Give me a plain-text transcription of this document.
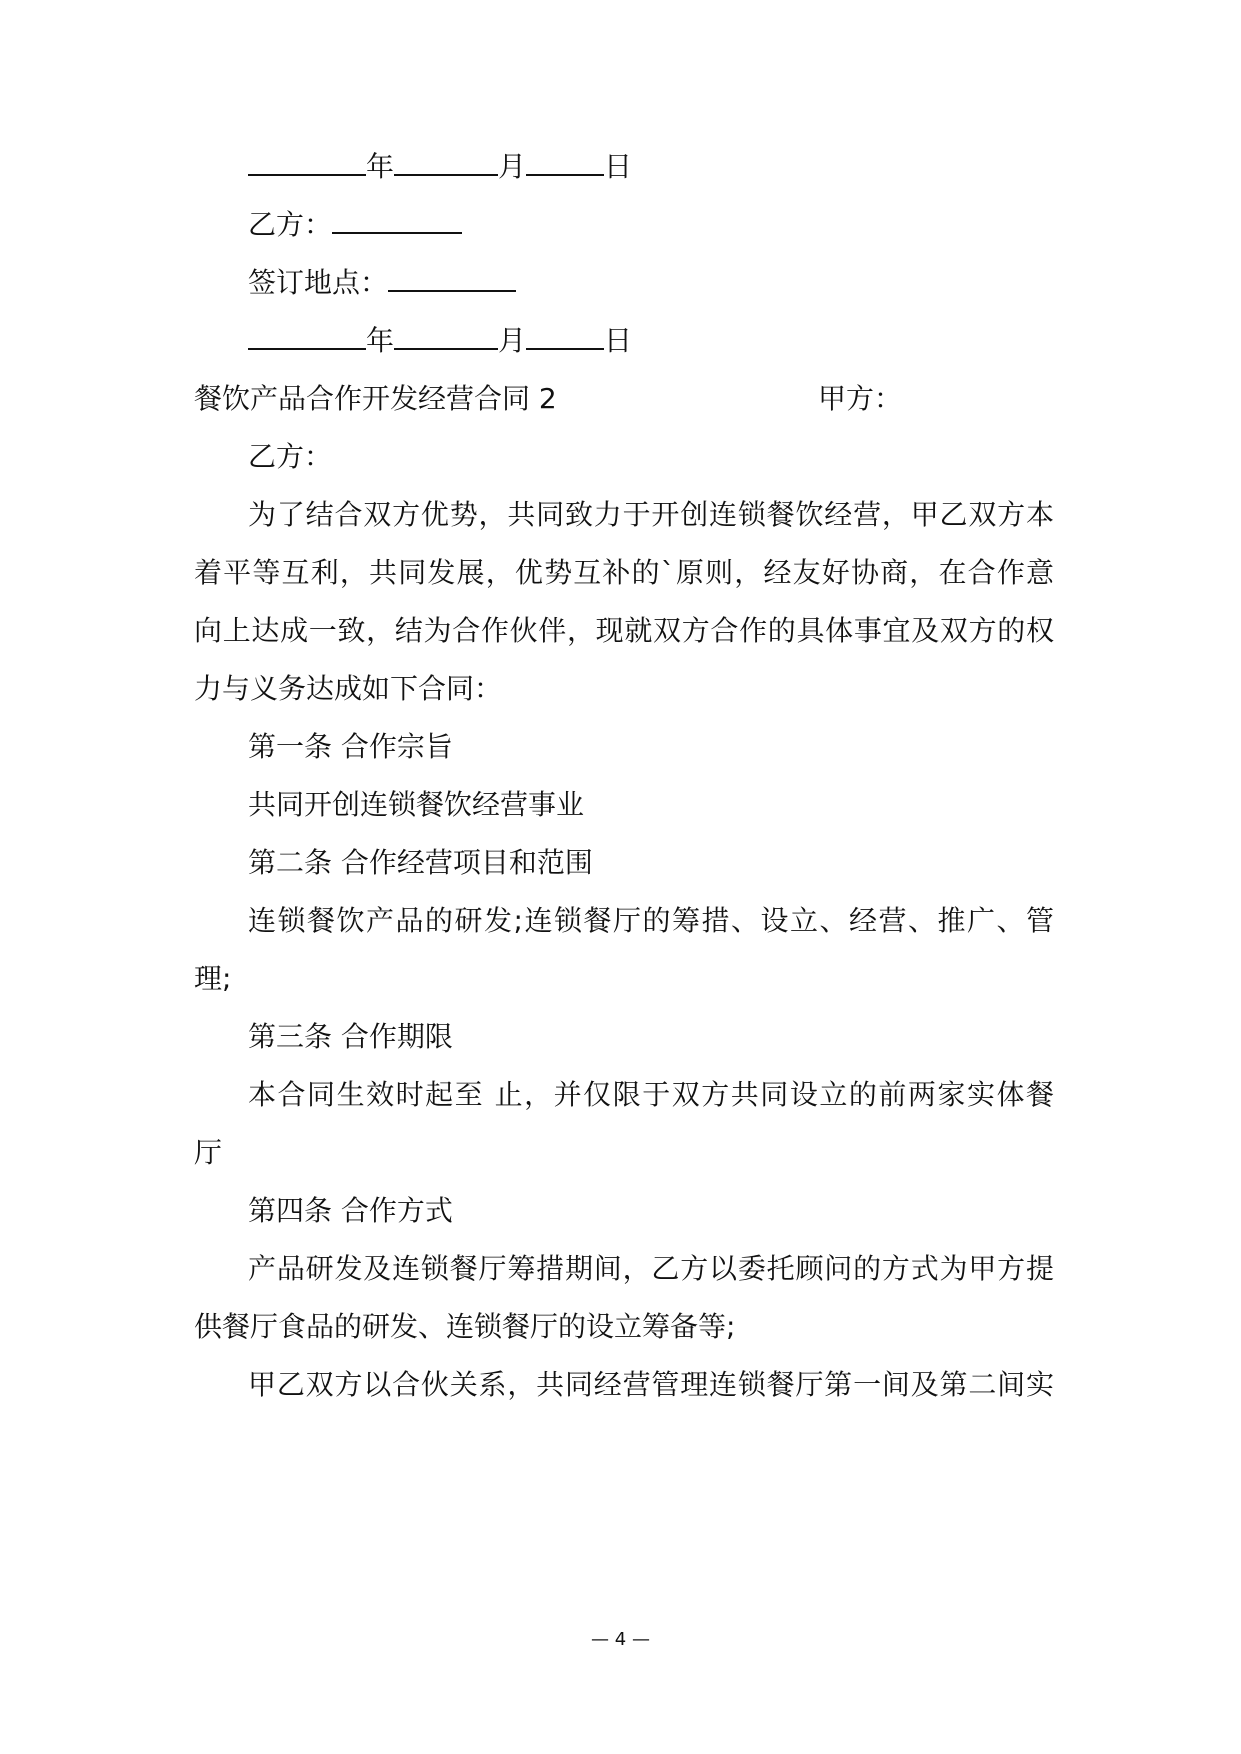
年	月	日
乙方：
签订地点：
年	月	日
餐饮产品合作开发经营合同 2	甲方：
乙方：
为了结合双方优势，共同致力于开创连锁餐饮经营，甲乙双方本
着平等互利，共同发展，优势互补的`原则，经友好协商，在合作意
向上达成一致，结为合作伙伴，现就双方合作的具体事宜及双方的权
力与义务达成如下合同：
第一条 合作宗旨
共同开创连锁餐饮经营事业
第二条 合作经营项目和范围
连锁餐饮产品的研发;连锁餐厅的筹措、设立、经营、推广、管
理;
第三条 合作期限
本合同生效时起至 止，并仅限于双方共同设立的前两家实体餐
厅
第四条 合作方式
产品研发及连锁餐厅筹措期间，乙方以委托顾问的方式为甲方提
供餐厅食品的研发、连锁餐厅的设立筹备等;
甲乙双方以合伙关系，共同经营管理连锁餐厅第一间及第二间实
— 4 —
